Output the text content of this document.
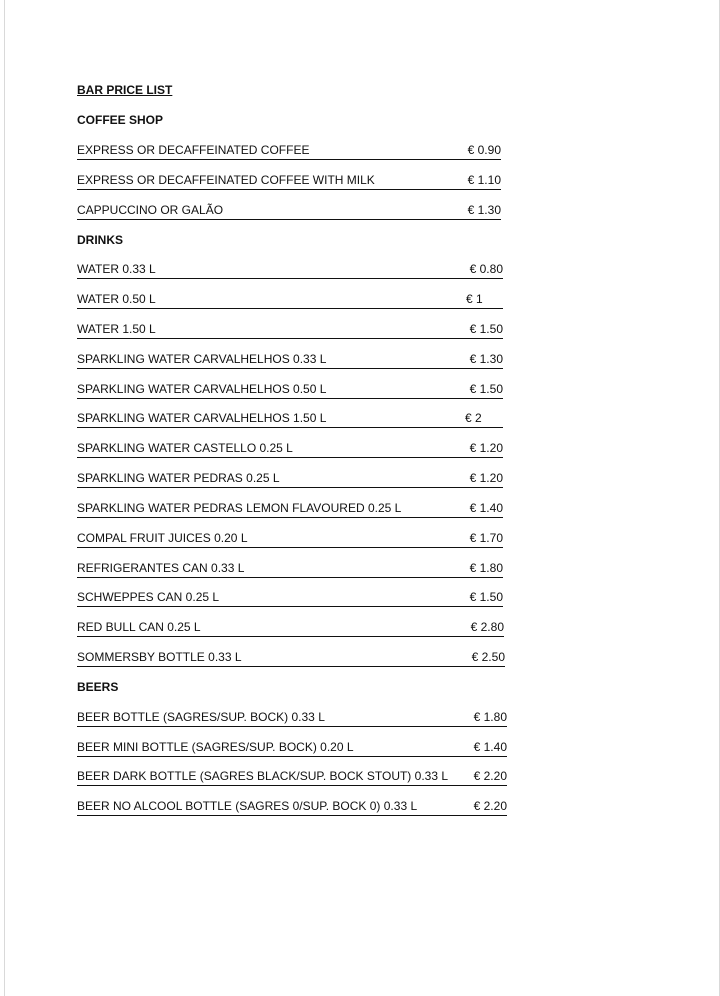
BAR PRICE LIST
COFFEE SHOP
EXPRESS OR DECAFFEINATED COFFEE	€ 0.90
EXPRESS OR DECAFFEINATED COFFEE WITH MILK	€ 1.10
CAPPUCCINO OR GALÃO	€ 1.30
DRINKS
WATER 0.33 L	€ 0.80
WATER 0.50 L	€ 1
WATER 1.50 L	€ 1.50
SPARKLING WATER CARVALHELHOS 0.33 L	€ 1.30
SPARKLING WATER CARVALHELHOS 0.50 L	€ 1.50
SPARKLING WATER CARVALHELHOS 1.50 L	€ 2
SPARKLING WATER CASTELLO 0.25 L	€ 1.20
SPARKLING WATER PEDRAS 0.25 L	€ 1.20
SPARKLING WATER PEDRAS LEMON FLAVOURED 0.25 L	€ 1.40
COMPAL FRUIT JUICES 0.20 L	€ 1.70
REFRIGERANTES CAN 0.33 L	€ 1.80
SCHWEPPES CAN 0.25 L	€ 1.50
RED BULL CAN 0.25 L	€ 2.80
SOMMERSBY BOTTLE 0.33 L	€ 2.50
BEERS
BEER BOTTLE (SAGRES/SUP. BOCK) 0.33 L	€ 1.80
BEER MINI BOTTLE (SAGRES/SUP. BOCK) 0.20 L	€ 1.40
BEER DARK BOTTLE (SAGRES BLACK/SUP. BOCK STOUT) 0.33 L € 2.20
BEER NO ALCOOL BOTTLE (SAGRES 0/SUP. BOCK 0) 0.33 L	€ 2.20
